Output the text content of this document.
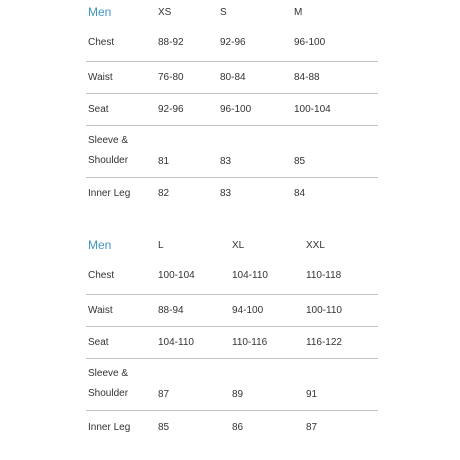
Men	XS	S	M
Chest	88-92	92-96	96-100
Waist	76-80	80-84	84-88
Seat	92-96	96-100	100-104
Sleeve &
Shoulder	81	83	85
Inner Leg	82	83	84
Men	L	XL	XXL
Chest	100-104	104-110	110-118
Waist	88-94	94-100	100-110
Seat	104-110	110-116	116-122
Sleeve &
Shoulder	87	89	91
Inner Leg	85	86	87
